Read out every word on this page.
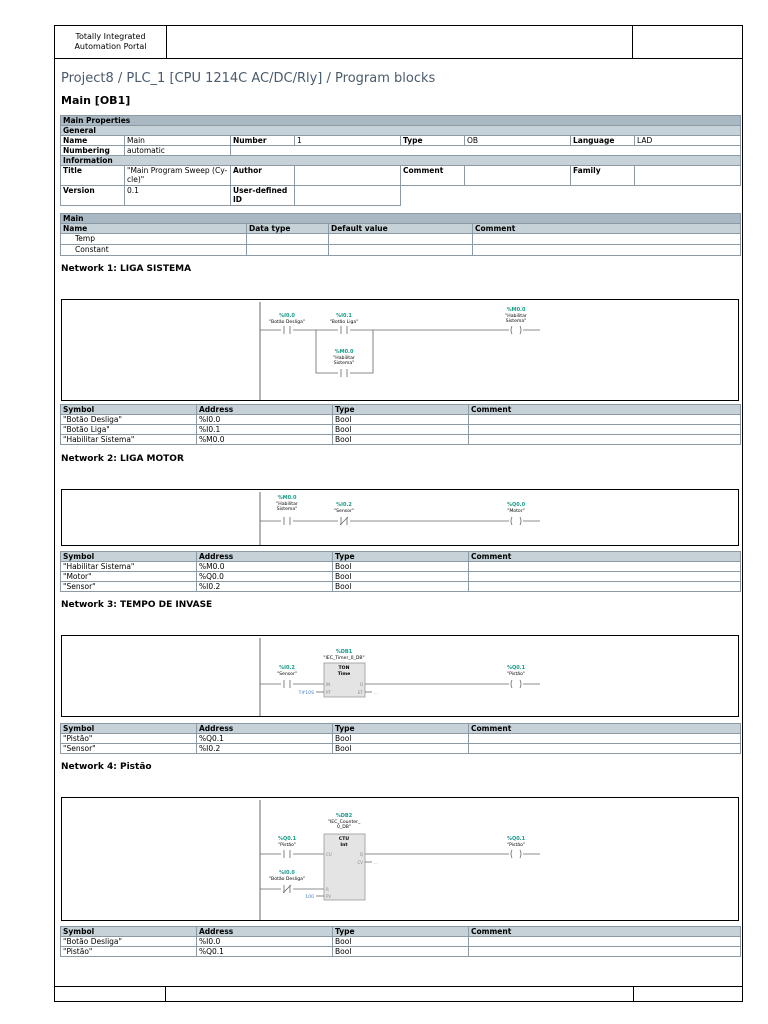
Totally Integrated
Automation Portal
Project8 / PLC_1 [CPU 1214C AC/DC/Rly] / Program blocks
Main [OB1]
Main Properties							
General							
Name	Main	Number	1	Type	OB	Language	LAD
Numbering	automatic						
Information							
Title	"Main Program Sweep (Cy-
cle)"	Author		Comment		Family	
Version	0.1	User-defined
ID					

Main			
Name	Data type	Default value	Comment
Temp			
Constant			
Network 1: LIGA SISTEMA
%I0.0
"Botão Desliga"
%I0.1
"Botão Liga"
%M0.0
"Habilitar
Sistema"
%M0.0
"Habilitar
Sistema"
Symbol	Address	Type	Comment
"Botão Desliga"	%I0.0	Bool	
"Botão Liga"	%I0.1	Bool	
"Habilitar Sistema"	%M0.0	Bool	
Network 2: LIGA MOTOR
%M0.0
"Habilitar
Sistema"
%I0.2
"Sensor"
%Q0.0
"Motor"
Symbol	Address	Type	Comment
"Habilitar Sistema"	%M0.0	Bool	
"Motor"	%Q0.0	Bool	
"Sensor"	%I0.2	Bool	
Network 3: TEMPO DE INVASE
%DB1
"IEC_Timer_0_DB"
TON
Time
IN
PT
Q
ET	...
%I0.2
"Sensor"
T#10S
%Q0.1
"Pistão"
Symbol	Address	Type	Comment
"Pistão"	%Q0.1	Bool	
"Sensor"	%I0.2	Bool	
Network 4: Pistão
%DB2
"IEC_Counter_
0_DB"
CTU
Int
CU
R
PV
Q
CV	...
%Q0.1
"Pistão"
%I0.0
"Botão Desliga"
100
%Q0.1
"Pistão"
Symbol	Address	Type	Comment
"Botão Desliga"	%I0.0	Bool	
"Pistão"	%Q0.1	Bool	
